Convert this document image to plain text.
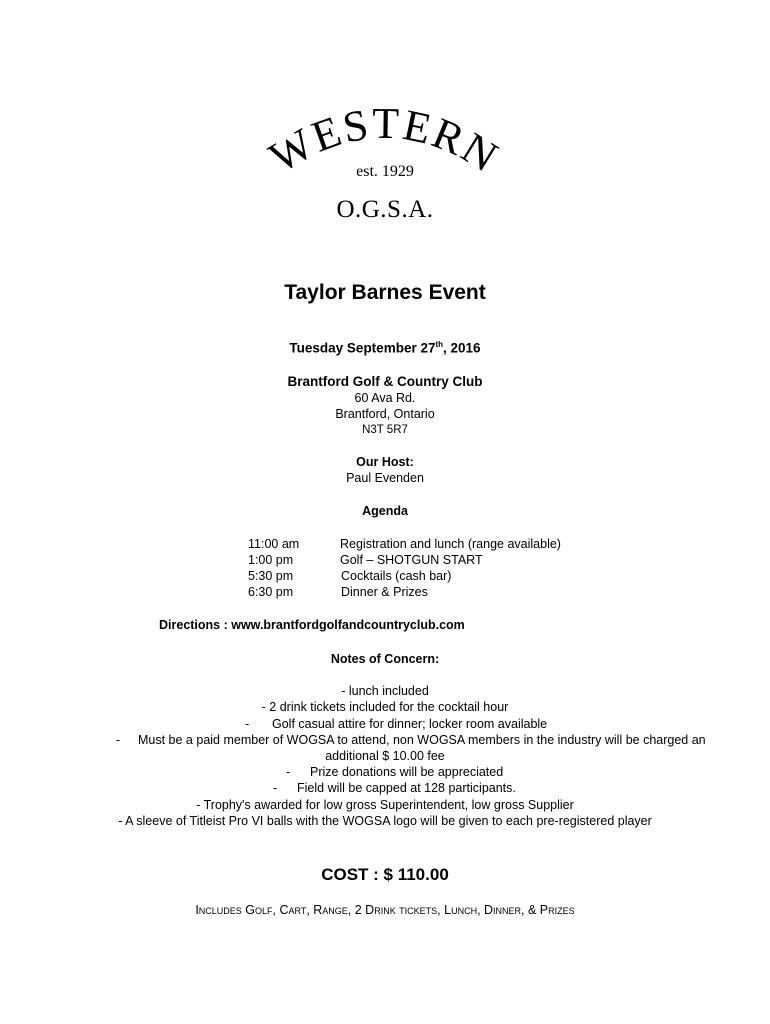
WESTERN
est. 1929
O.G.S.A.
Taylor Barnes Event
Tuesday September 27th, 2016
Brantford Golf & Country Club
60 Ava Rd.
Brantford, Ontario
N3T 5R7
Our Host:
Paul Evenden
Agenda
11:00 am	Registration and lunch (range available)
1:00 pm	Golf – SHOTGUN START
5:30 pm	Cocktails (cash bar)
6:30 pm	Dinner & Prizes
Directions : www.brantfordgolfandcountryclub.com
Notes of Concern:
- lunch included
- 2 drink tickets included for the cocktail hour
- Golf casual attire for dinner; locker room available
- Must be a paid member of WOGSA to attend, non WOGSA members in the industry will be charged an
additional $ 10.00 fee
- Prize donations will be appreciated
- Field will be capped at 128 participants.
- Trophy's awarded for low gross Superintendent, low gross Supplier
- A sleeve of Titleist Pro VI balls with the WOGSA logo will be given to each pre-registered player
COST : $ 110.00
Includes Golf, Cart, Range, 2 Drink tickets, Lunch, Dinner, & Prizes
